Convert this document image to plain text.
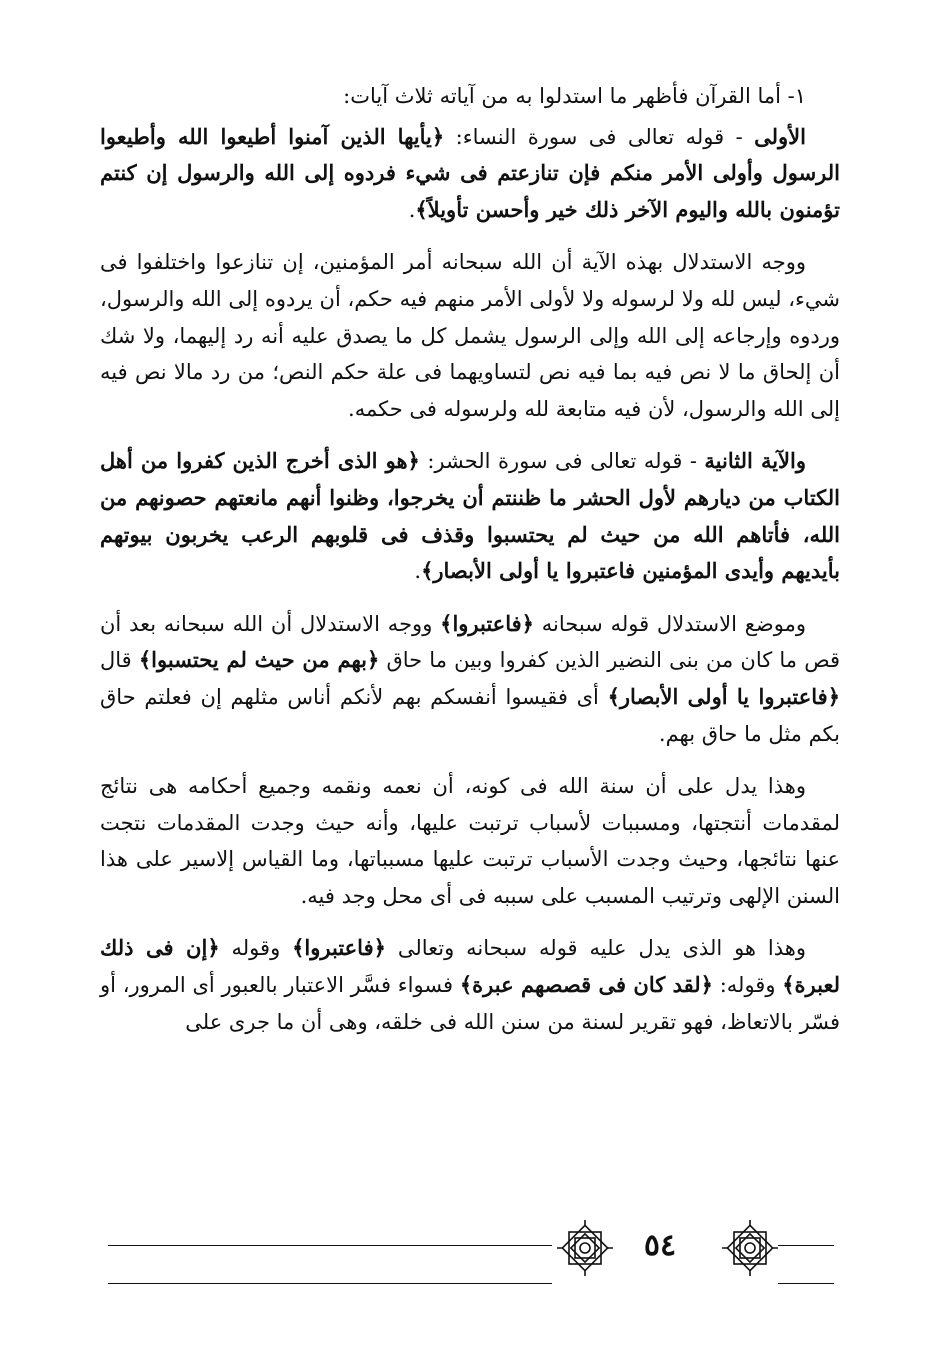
١- أما القرآن فأظهر ما استدلوا به من آياته ثلاث آيات:

الأولى - قوله تعالى فى سورة النساء: ﴿يأيها الذين آمنوا أطيعوا الله وأطيعوا الرسول وأولى الأمر منكم فإن تنازعتم فى شيء فردوه إلى الله والرسول إن كنتم تؤمنون بالله واليوم الآخر ذلك خير وأحسن تأويلاً﴾.

ووجه الاستدلال بهذه الآية أن الله سبحانه أمر المؤمنين، إن تنازعوا واختلفوا فى شيء، ليس لله ولا لرسوله ولا لأولى الأمر منهم فيه حكم، أن يردوه إلى الله والرسول، وردوه وإرجاعه إلى الله وإلى الرسول يشمل كل ما يصدق عليه أنه رد إليهما، ولا شك أن إلحاق ما لا نص فيه بما فيه نص لتساويهما فى علة حكم النص؛ من رد مالا نص فيه إلى الله والرسول، لأن فيه متابعة لله ولرسوله فى حكمه.

والآية الثانية - قوله تعالى فى سورة الحشر: ﴿هو الذى أخرج الذين كفروا من أهل الكتاب من ديارهم لأول الحشر ما ظننتم أن يخرجوا، وظنوا أنهم مانعتهم حصونهم من الله، فأتاهم الله من حيث لم يحتسبوا وقذف فى قلوبهم الرعب يخربون بيوتهم بأيديهم وأيدى المؤمنين فاعتبروا يا أولى الأبصار﴾.

وموضع الاستدلال قوله سبحانه ﴿فاعتبروا﴾ ووجه الاستدلال أن الله سبحانه بعد أن قص ما كان من بنى النضير الذين كفروا وبين ما حاق ﴿بهم من حيث لم يحتسبوا﴾ قال ﴿فاعتبروا يا أولى الأبصار﴾ أى فقيسوا أنفسكم بهم لأنكم أناس مثلهم إن فعلتم حاق بكم مثل ما حاق بهم.

وهذا يدل على أن سنة الله فى كونه، أن نعمه ونقمه وجميع أحكامه هى نتائج لمقدمات أنتجتها، ومسببات لأسباب ترتبت عليها، وأنه حيث وجدت المقدمات نتجت عنها نتائجها، وحيث وجدت الأسباب ترتبت عليها مسبباتها، وما القياس إلاسير على هذا السنن الإلهى وترتيب المسبب على سببه فى أى محل وجد فيه.

وهذا هو الذى يدل عليه قوله سبحانه وتعالى ﴿فاعتبروا﴾ وقوله ﴿إن فى ذلك لعبرة﴾ وقوله: ﴿لقد كان فى قصصهم عبرة﴾ فسواء فسَّر الاعتبار بالعبور أى المرور، أو فسّر بالاتعاظ، فهو تقرير لسنة من سنن الله فى خلقه، وهى أن ما جرى على

٥٤
